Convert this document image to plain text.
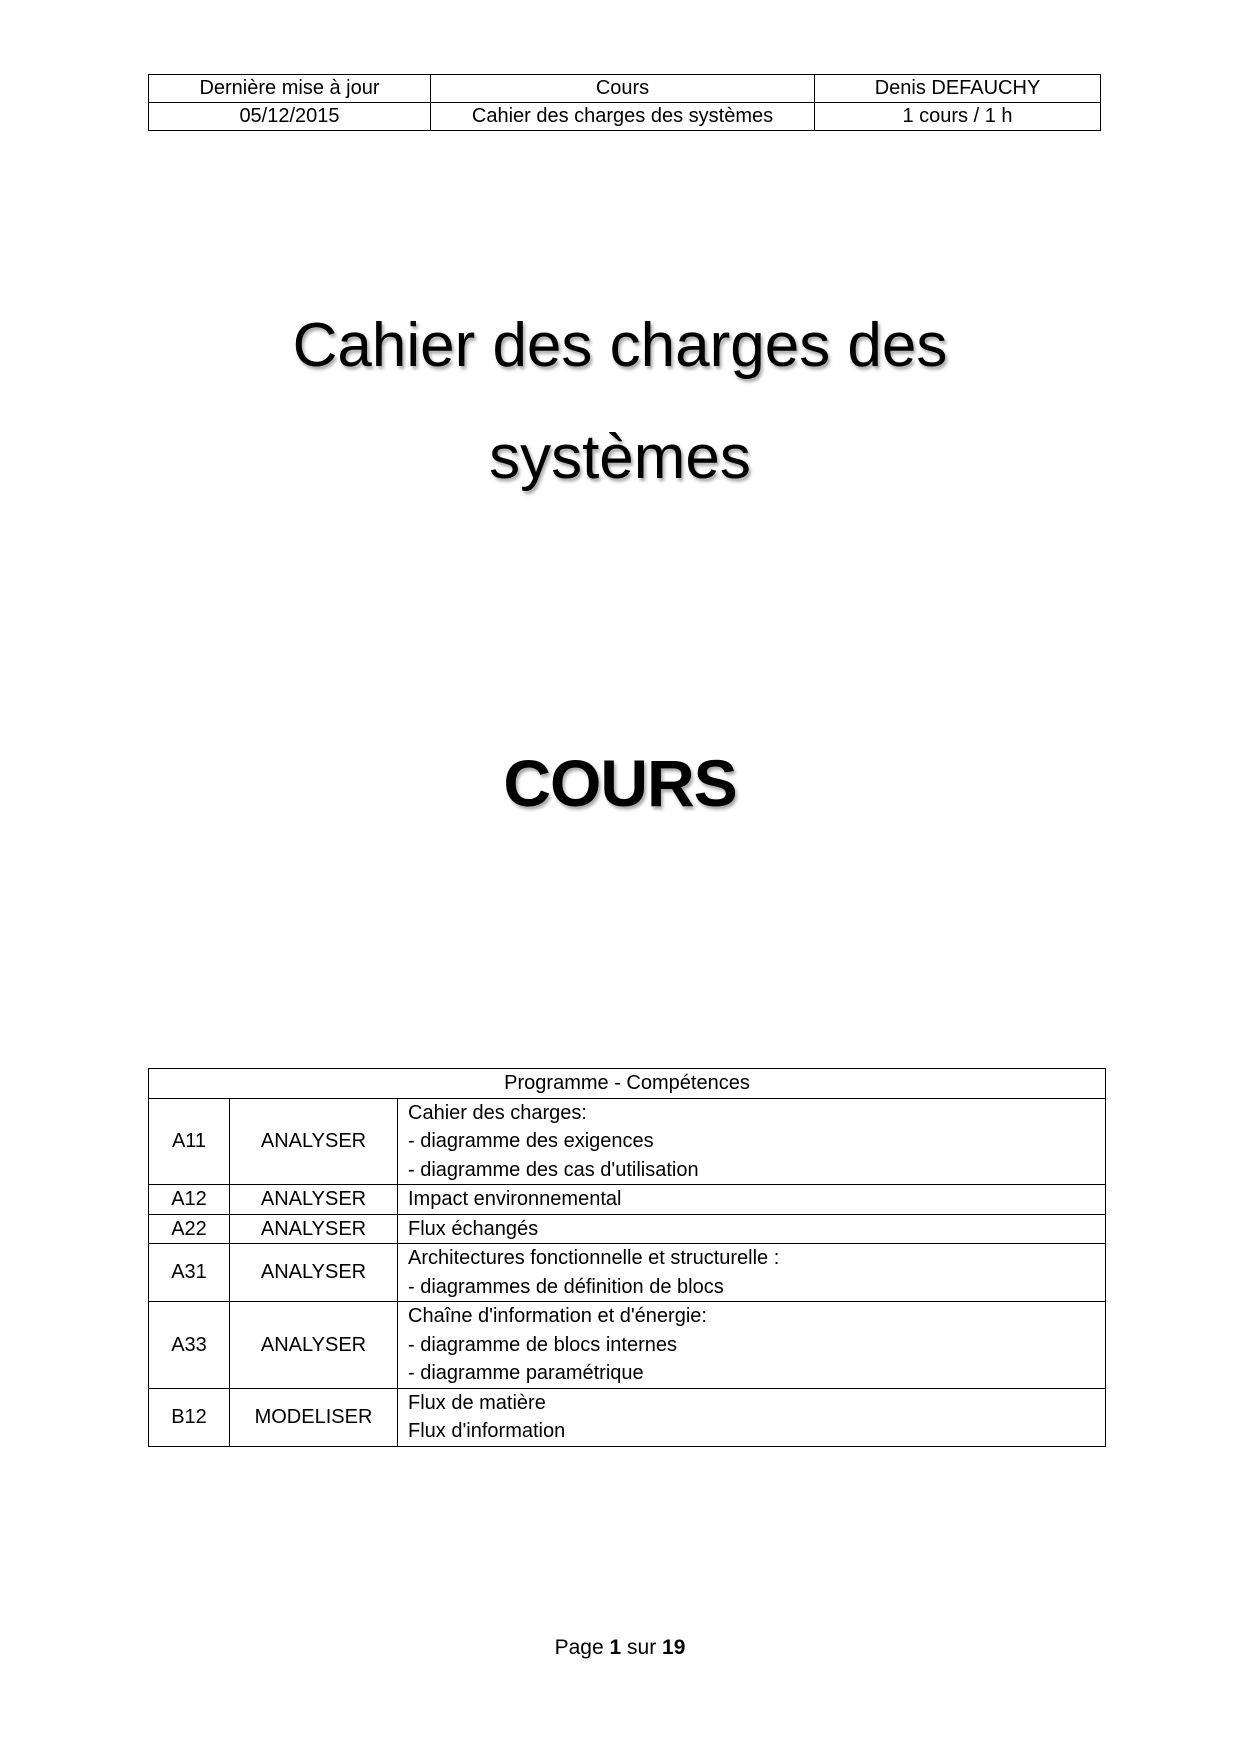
Dernière mise à jour	Cours	Denis DEFAUCHY
05/12/2015	Cahier des charges des systèmes	1 cours / 1 h
Cahier des charges des
systèmes
COURS
Programme - Compétences		
A11	ANALYSER	Cahier des charges:
- diagramme des exigences
- diagramme des cas d'utilisation

A12	ANALYSER	Impact environnemental

A22	ANALYSER	Flux échangés

A31	ANALYSER	Architectures fonctionnelle et structurelle :
- diagrammes de définition de blocs

A33	ANALYSER	Chaîne d'information et d'énergie:
- diagramme de blocs internes
- diagramme paramétrique

B12	MODELISER	Flux de matière
Flux d'information
Page 1 sur 19
